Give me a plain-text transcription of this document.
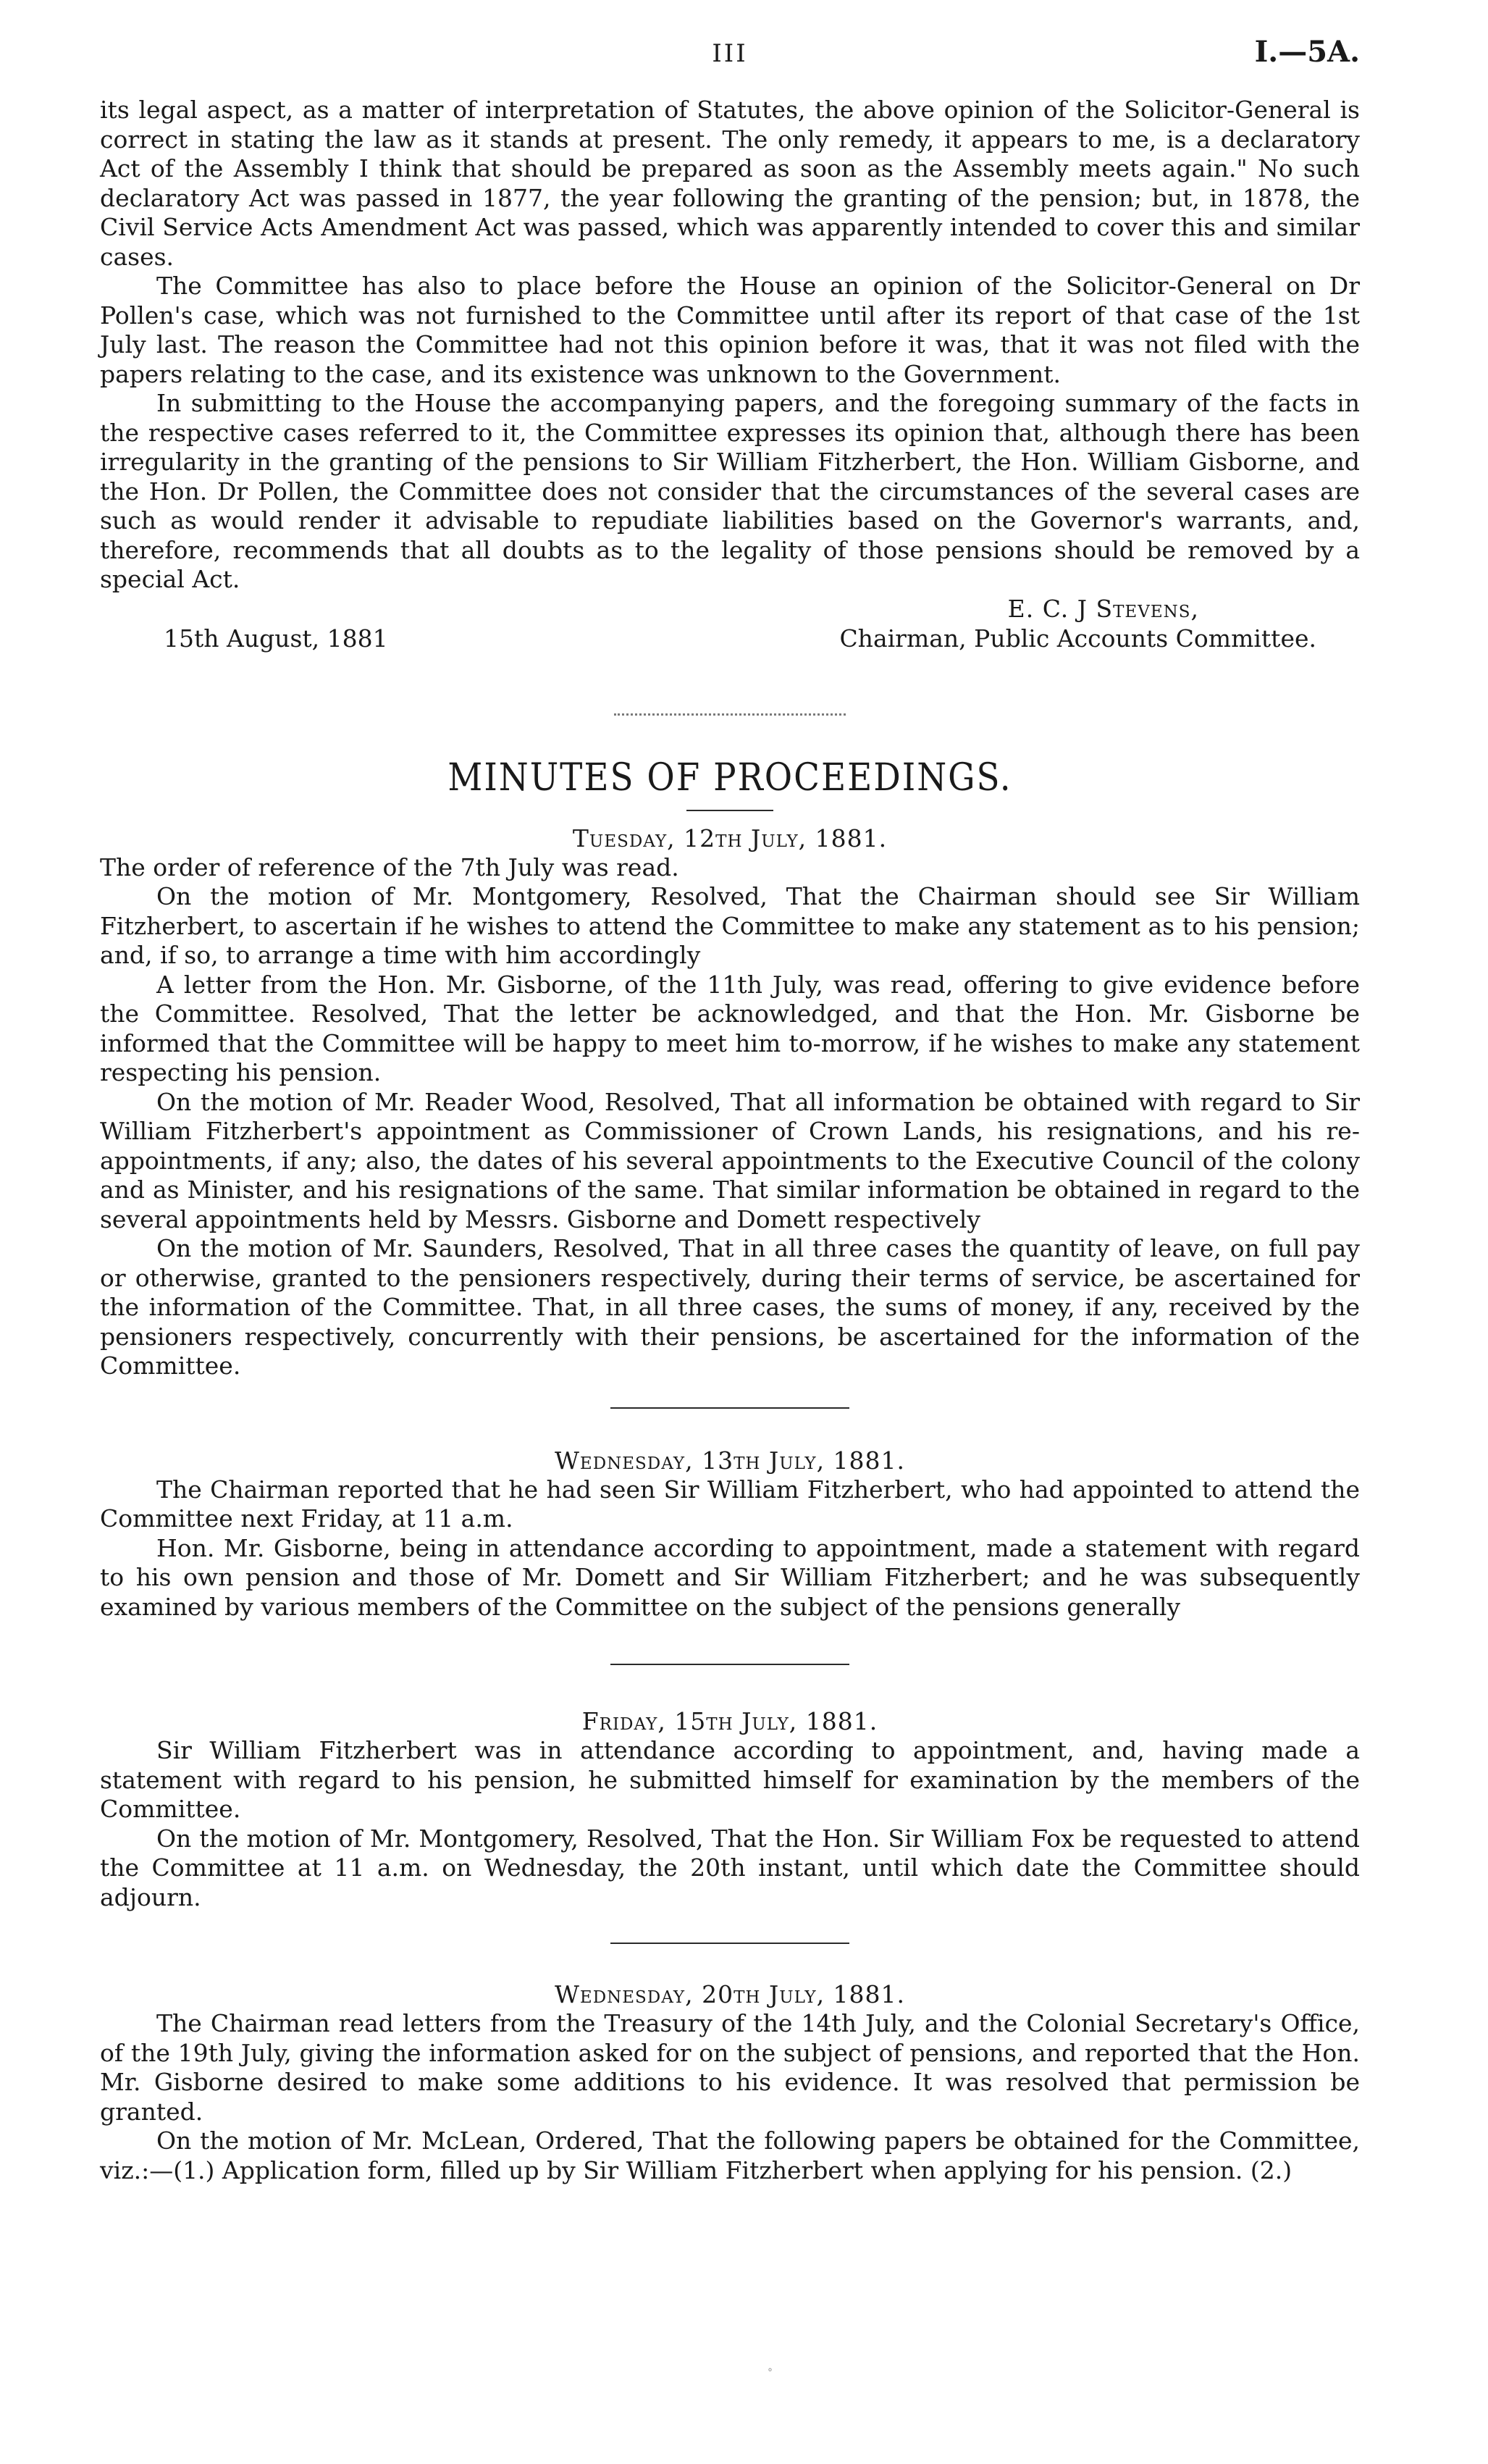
III	I.—5A.

its legal aspect, as a matter of interpretation of Statutes, the above opinion of the Solicitor-General is correct in stating the law as it stands at present. The only remedy, it appears to me, is a declaratory Act of the Assembly I think that should be prepared as soon as the Assembly meets again." No such declaratory Act was passed in 1877, the year following the granting of the pension; but, in 1878, the Civil Service Acts Amendment Act was passed, which was apparently intended to cover this and similar cases.

The Committee has also to place before the House an opinion of the Solicitor-General on Dr Pollen's case, which was not furnished to the Committee until after its report of that case of the 1st July last. The reason the Committee had not this opinion before it was, that it was not filed with the papers relating to the case, and its existence was unknown to the Government.

In submitting to the House the accompanying papers, and the foregoing summary of the facts in the respective cases referred to it, the Committee expresses its opinion that, although there has been irregularity in the granting of the pensions to Sir William Fitzherbert, the Hon. William Gisborne, and the Hon. Dr Pollen, the Committee does not consider that the circumstances of the several cases are such as would render it advisable to repudiate liabilities based on the Governor's warrants, and, therefore, recommends that all doubts as to the legality of those pensions should be removed by a special Act.

E. C. J Stevens,
15th August, 1881	Chairman, Public Accounts Committee.
MINUTES OF PROCEEDINGS.
Tuesday, 12th July, 1881.

The order of reference of the 7th July was read.

On the motion of Mr. Montgomery, Resolved, That the Chairman should see Sir William Fitzherbert, to ascertain if he wishes to attend the Committee to make any statement as to his pension; and, if so, to arrange a time with him accordingly

A letter from the Hon. Mr. Gisborne, of the 11th July, was read, offering to give evidence before the Committee. Resolved, That the letter be acknowledged, and that the Hon. Mr. Gisborne be informed that the Committee will be happy to meet him to-morrow, if he wishes to make any statement respecting his pension.

On the motion of Mr. Reader Wood, Resolved, That all information be obtained with regard to Sir William Fitzherbert's appointment as Commissioner of Crown Lands, his resignations, and his re-appointments, if any; also, the dates of his several appointments to the Executive Council of the colony and as Minister, and his resignations of the same. That similar information be obtained in regard to the several appointments held by Messrs. Gisborne and Domett respectively

On the motion of Mr. Saunders, Resolved, That in all three cases the quantity of leave, on full pay or otherwise, granted to the pensioners respectively, during their terms of service, be ascertained for the information of the Committee. That, in all three cases, the sums of money, if any, received by the pensioners respectively, concurrently with their pensions, be ascertained for the information of the Committee.

Wednesday, 13th July, 1881.

The Chairman reported that he had seen Sir William Fitzherbert, who had appointed to attend the Committee next Friday, at 11 a.m.

Hon. Mr. Gisborne, being in attendance according to appointment, made a statement with regard to his own pension and those of Mr. Domett and Sir William Fitzherbert; and he was subsequently examined by various members of the Committee on the subject of the pensions generally

Friday, 15th July, 1881.

Sir William Fitzherbert was in attendance according to appointment, and, having made a statement with regard to his pension, he submitted himself for examination by the members of the Committee.

On the motion of Mr. Montgomery, Resolved, That the Hon. Sir William Fox be requested to attend the Committee at 11 a.m. on Wednesday, the 20th instant, until which date the Committee should adjourn.

Wednesday, 20th July, 1881.

The Chairman read letters from the Treasury of the 14th July, and the Colonial Secretary's Office, of the 19th July, giving the information asked for on the subject of pensions, and reported that the Hon. Mr. Gisborne desired to make some additions to his evidence. It was resolved that permission be granted.

On the motion of Mr. McLean, Ordered, That the following papers be obtained for the Committee, viz.:—(1.) Application form, filled up by Sir William Fitzherbert when applying for his pension. (2.)

°
